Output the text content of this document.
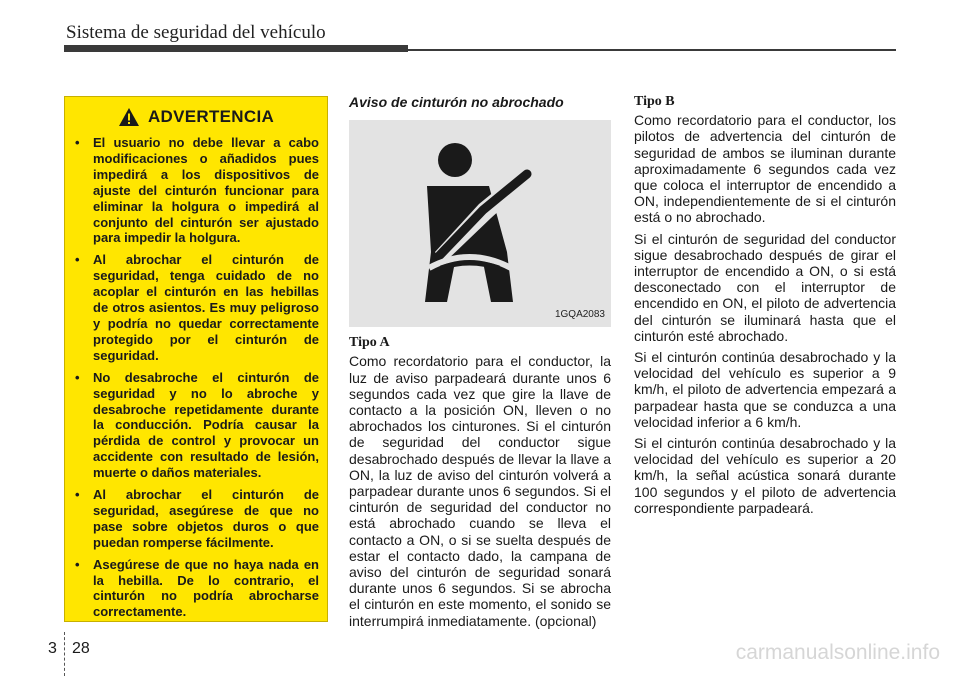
Sistema de seguridad del vehículo
ADVERTENCIA
• El usuario no debe llevar a cabo modificaciones o añadidos pues impedirá a los dispositivos de ajuste del cinturón funcionar para eliminar la holgura o impedirá al conjunto del cinturón ser ajustado para impedir la holgura.
• Al abrochar el cinturón de seguridad, tenga cuidado de no acoplar el cinturón en las hebillas de otros asientos. Es muy peligroso y podría no quedar correctamente protegido por el cinturón de seguridad.
• No desabroche el cinturón de seguridad y no lo abroche y desabroche repetidamente durante la conducción. Podría causar la pérdida de control y provocar un accidente con resultado de lesión, muerte o daños materiales.
• Al abrochar el cinturón de seguridad, asegúrese de que no pase sobre objetos duros o que puedan romperse fácilmente.
• Asegúrese de que no haya nada en la hebilla. De lo contrario, el cinturón no podría abrocharse correctamente.
Aviso de cinturón no abrochado
1GQA2083
Tipo A

Como recordatorio para el conductor, la luz de aviso parpadeará durante unos 6 segundos cada vez que gire la llave de contacto a la posición ON, lleven o no abrochados los cinturones. Si el cinturón de seguridad del conductor sigue desabrochado después de llevar la llave a ON, la luz de aviso del cinturón volverá a parpadear durante unos 6 segundos. Si el cinturón de seguridad del conductor no está abrochado cuando se lleva el contacto a ON, o si se suelta después de estar el contacto dado, la campana de aviso del cinturón de seguridad sonará durante unos 6 segundos. Si se abrocha el cinturón en este momento, el sonido se interrumpirá inmediatamente. (opcional)

Tipo B

Como recordatorio para el conductor, los pilotos de advertencia del cinturón de seguridad de ambos se iluminan durante aproximadamente 6 segundos cada vez que coloca el interruptor de encendido a ON, independientemente de si el cinturón está o no abrochado.

Si el cinturón de seguridad del conductor sigue desabrochado después de girar el interruptor de encendido a ON, o si está desconectado con el interruptor de encendido en ON, el piloto de advertencia del cinturón se iluminará hasta que el cinturón esté abrochado.

Si el cinturón continúa desabrochado y la velocidad del vehículo es superior a 9 km/h, el piloto de advertencia empezará a parpadear hasta que se conduzca a una velocidad inferior a 6 km/h.

Si el cinturón continúa desabrochado y la velocidad del vehículo es superior a 20 km/h, la señal acústica sonará durante 100 segundos y el piloto de advertencia correspondiente parpadeará.

3 28	carmanualsonline.info
